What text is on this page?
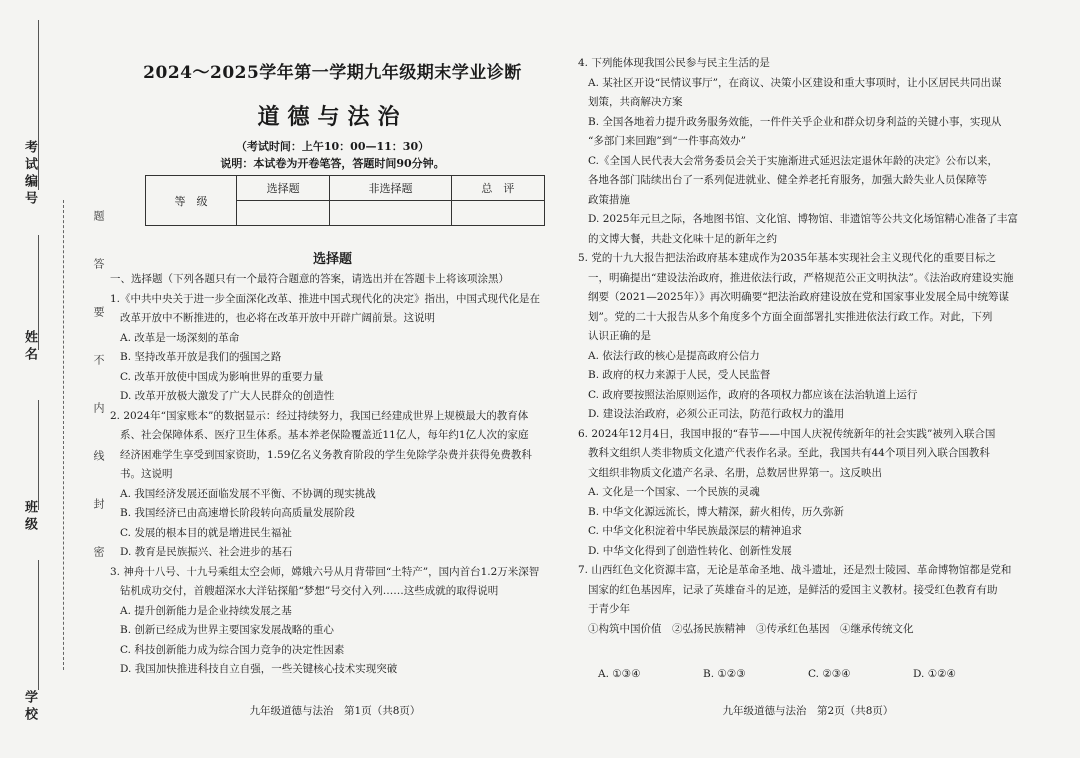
考试编号
姓名
班级
学校
题答要不内线封密
2024～2025学年第一学期九年级期末学业诊断
道德与法治
（考试时间：上午10：00—11：30）
说明：本试卷为开卷笔答，答题时间90分钟。
等　级	选择题	非选择题	总　评

选择题
一、选择题（下列各题只有一个最符合题意的答案，请选出并在答题卡上将该项涂黑）
1.《中共中央关于进一步全面深化改革、推进中国式现代化的决定》指出，中国式现代化是在
改革开放中不断推进的，也必将在改革开放中开辟广阔前景。这说明
A. 改革是一场深刻的革命
B. 坚持改革开放是我们的强国之路
C. 改革开放使中国成为影响世界的重要力量
D. 改革开放极大激发了广大人民群众的创造性
2. 2024年“国家账本”的数据显示：经过持续努力，我国已经建成世界上规模最大的教育体
系、社会保障体系、医疗卫生体系。基本养老保险覆盖近11亿人，每年约1亿人次的家庭
经济困难学生享受到国家资助，1.59亿名义务教育阶段的学生免除学杂费并获得免费教科
书。这说明
A. 我国经济发展还面临发展不平衡、不协调的现实挑战
B. 我国经济已由高速增长阶段转向高质量发展阶段
C. 发展的根本目的就是增进民生福祉
D. 教育是民族振兴、社会进步的基石
3. 神舟十八号、十九号乘组太空会师，嫦娥六号从月背带回“土特产”，国内首台1.2万米深智
钻机成功交付，首艘超深水大洋钻探船“梦想”号交付入列……这些成就的取得说明
A. 提升创新能力是企业持续发展之基
B. 创新已经成为世界主要国家发展战略的重心
C. 科技创新能力成为综合国力竞争的决定性因素
D. 我国加快推进科技自立自强，一些关键核心技术实现突破
九年级道德与法治　第1页（共8页）
4. 下列能体现我国公民参与民主生活的是
A. 某社区开设“民情议事厅”，在商议、决策小区建设和重大事项时，让小区居民共同出谋
划策，共商解决方案
B. 全国各地着力提升政务服务效能，一件件关乎企业和群众切身利益的关键小事，实现从
“多部门来回跑”到“一件事高效办”
C.《全国人民代表大会常务委员会关于实施渐进式延迟法定退休年龄的决定》公布以来，
各地各部门陆续出台了一系列促进就业、健全养老托育服务，加强大龄失业人员保障等
政策措施
D. 2025年元旦之际，各地图书馆、文化馆、博物馆、非遗馆等公共文化场馆精心准备了丰富
的文博大餐，共赴文化味十足的新年之约
5. 党的十九大报告把法治政府基本建成作为2035年基本实现社会主义现代化的重要目标之
一，明确提出“建设法治政府，推进依法行政，严格规范公正文明执法”。《法治政府建设实施
纲要（2021—2025年）》再次明确要“把法治政府建设放在党和国家事业发展全局中统筹谋
划”。党的二十大报告从多个角度多个方面全面部署扎实推进依法行政工作。对此，下列
认识正确的是
A. 依法行政的核心是提高政府公信力
B. 政府的权力来源于人民，受人民监督
C. 政府要按照法治原则运作，政府的各项权力都应该在法治轨道上运行
D. 建设法治政府，必须公正司法，防范行政权力的滥用
6. 2024年12月4日，我国申报的“春节——中国人庆祝传统新年的社会实践”被列入联合国
教科文组织人类非物质文化遗产代表作名录。至此，我国共有44个项目列入联合国教科
文组织非物质文化遗产名录、名册，总数居世界第一。这反映出
A. 文化是一个国家、一个民族的灵魂
B. 中华文化源远流长，博大精深，薪火相传，历久弥新
C. 中华文化积淀着中华民族最深层的精神追求
D. 中华文化得到了创造性转化、创新性发展
7. 山西红色文化资源丰富，无论是革命圣地、战斗遗址，还是烈士陵园、革命博物馆都是党和
国家的红色基因库，记录了英雄奋斗的足迹，是鲜活的爱国主义教材。接受红色教育有助
于青少年
①构筑中国价值　②弘扬民族精神　③传承红色基因　④继承传统文化
A. ①③④	B. ①②③	C. ②③④	D. ①②④
九年级道德与法治　第2页（共8页）
